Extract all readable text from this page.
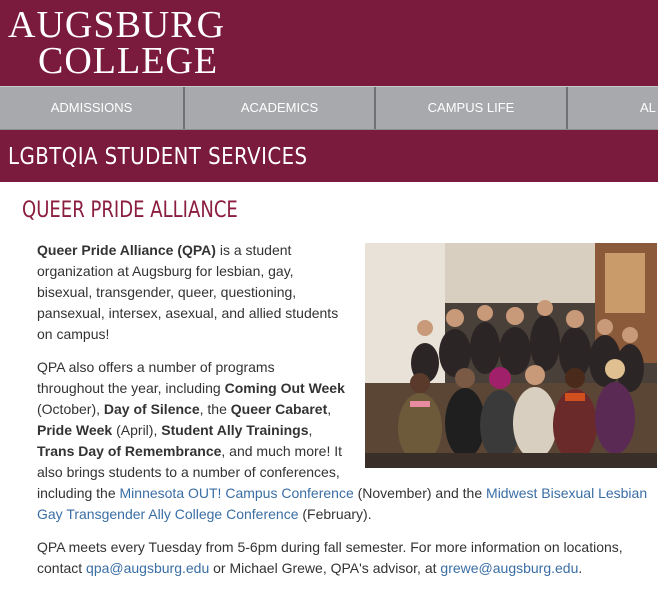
AUGSBURG
COLLEGE
ADMISSIONS	ACADEMICS	CAMPUS LIFE	AL
LGBTQIA STUDENT SERVICES
QUEER PRIDE ALLIANCE

Queer Pride Alliance (QPA) is a student organization at Augsburg for lesbian, gay, bisexual, transgender, queer, questioning, pansexual, intersex, asexual, and allied students on campus!

QPA also offers a number of programs throughout the year, including Coming Out Week (October), Day of Silence, the Queer Cabaret, Pride Week (April), Student Ally Trainings, Trans Day of Remembrance, and much more! It also brings students to a number of conferences, including the Minnesota OUT! Campus Conference (November) and the Midwest Bisexual Lesbian Gay Transgender Ally College Conference (February).

QPA meets every Tuesday from 5-6pm during fall semester. For more information on locations, contact qpa@augsburg.edu or Michael Grewe, QPA's advisor, at grewe@augsburg.edu.
